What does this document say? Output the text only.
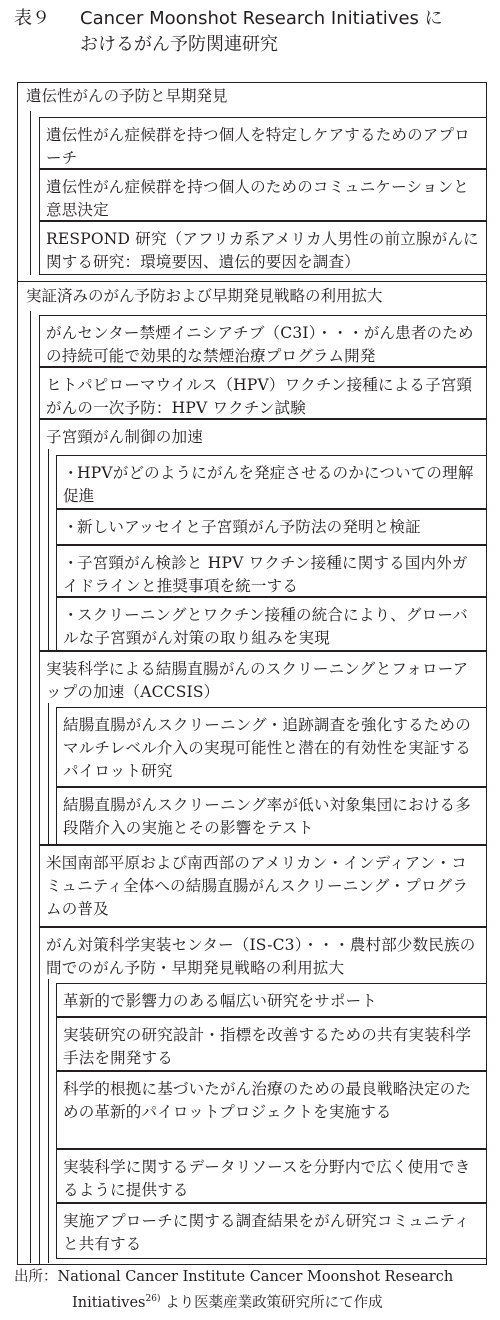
表９ Cancer Moonshot Research Initiatives に
おけるがん予防関連研究
遺伝性がんの予防と早期発見
遺伝性がん症候群を持つ個人を特定しケアするためのアプローチ
遺伝性がん症候群を持つ個人のためのコミュニケーションと意思決定
RESPOND 研究（アフリカ系アメリカ人男性の前立腺がんに関する研究：環境要因、遺伝的要因を調査）
実証済みのがん予防および早期発見戦略の利用拡大
がんセンター禁煙イニシアチブ（C3I）・・・がん患者のための持続可能で効果的な禁煙治療プログラム開発
ヒトパピローマウイルス（HPV）ワクチン接種による子宮頸がんの一次予防：HPV ワクチン試験
子宮頸がん制御の加速
・HPVがどのようにがんを発症させるのかについての理解促進
・新しいアッセイと子宮頸がん予防法の発明と検証
・子宮頸がん検診と HPV ワクチン接種に関する国内外ガイドラインと推奨事項を統一する
・スクリーニングとワクチン接種の統合により、グローバルな子宮頸がん対策の取り組みを実現
実装科学による結腸直腸がんのスクリーニングとフォローアップの加速（ACCSIS）
結腸直腸がんスクリーニング・追跡調査を強化するためのマルチレベル介入の実現可能性と潜在的有効性を実証するパイロット研究
結腸直腸がんスクリーニング率が低い対象集団における多段階介入の実施とその影響をテスト
米国南部平原および南西部のアメリカン・インディアン・コミュニティ全体への結腸直腸がんスクリーニング・プログラムの普及
がん対策科学実装センター（IS-C3）・・・農村部少数民族の間でのがん予防・早期発見戦略の利用拡大
革新的で影響力のある幅広い研究をサポート
実装研究の研究設計・指標を改善するための共有実装科学手法を開発する
科学的根拠に基づいたがん治療のための最良戦略決定のための革新的パイロットプロジェクトを実施する
実装科学に関するデータリソースを分野内で広く使用できるように提供する
実施アプローチに関する調査結果をがん研究コミュニティと共有する
出所：National Cancer Institute Cancer Moonshot Research
Initiatives$^{26)}$ より医薬産業政策研究所にて作成
